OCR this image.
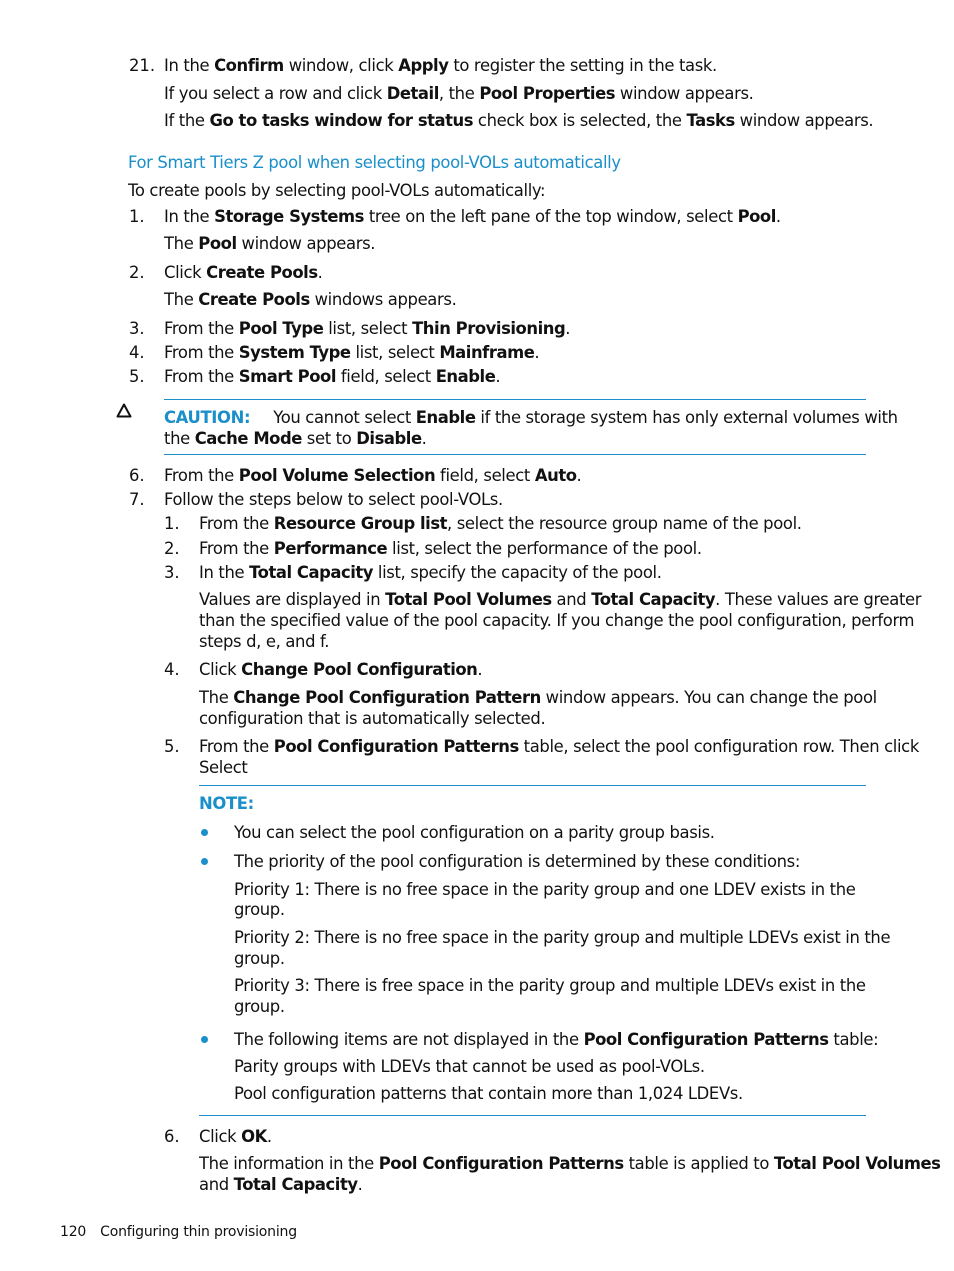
21. In the Confirm window, click Apply to register the setting in the task.
If you select a row and click Detail, the Pool Properties window appears.
If the Go to tasks window for status check box is selected, the Tasks window appears.
For Smart Tiers Z pool when selecting pool-VOLs automatically
To create pools by selecting pool-VOLs automatically:
1. In the Storage Systems tree on the left pane of the top window, select Pool.
The Pool window appears.
2. Click Create Pools.
The Create Pools windows appears.
3. From the Pool Type list, select Thin Provisioning.
4. From the System Type list, select Mainframe.
5. From the Smart Pool field, select Enable.
CAUTION: You cannot select Enable if the storage system has only external volumes with
the Cache Mode set to Disable.
6. From the Pool Volume Selection field, select Auto.
7. Follow the steps below to select pool-VOLs.
1. From the Resource Group list, select the resource group name of the pool.
2. From the Performance list, select the performance of the pool.
3. In the Total Capacity list, specify the capacity of the pool.
Values are displayed in Total Pool Volumes and Total Capacity. These values are greater
than the specified value of the pool capacity. If you change the pool configuration, perform
steps d, e, and f.
4. Click Change Pool Configuration.
The Change Pool Configuration Pattern window appears. You can change the pool
configuration that is automatically selected.
5. From the Pool Configuration Patterns table, select the pool configuration row. Then click
Select
NOTE:
You can select the pool configuration on a parity group basis.
The priority of the pool configuration is determined by these conditions:
Priority 1: There is no free space in the parity group and one LDEV exists in the
group.
Priority 2: There is no free space in the parity group and multiple LDEVs exist in the
group.
Priority 3: There is free space in the parity group and multiple LDEVs exist in the
group.
The following items are not displayed in the Pool Configuration Patterns table:
Parity groups with LDEVs that cannot be used as pool-VOLs.
Pool configuration patterns that contain more than 1,024 LDEVs.
6. Click OK.
The information in the Pool Configuration Patterns table is applied to Total Pool Volumes
and Total Capacity.
120 Configuring thin provisioning
